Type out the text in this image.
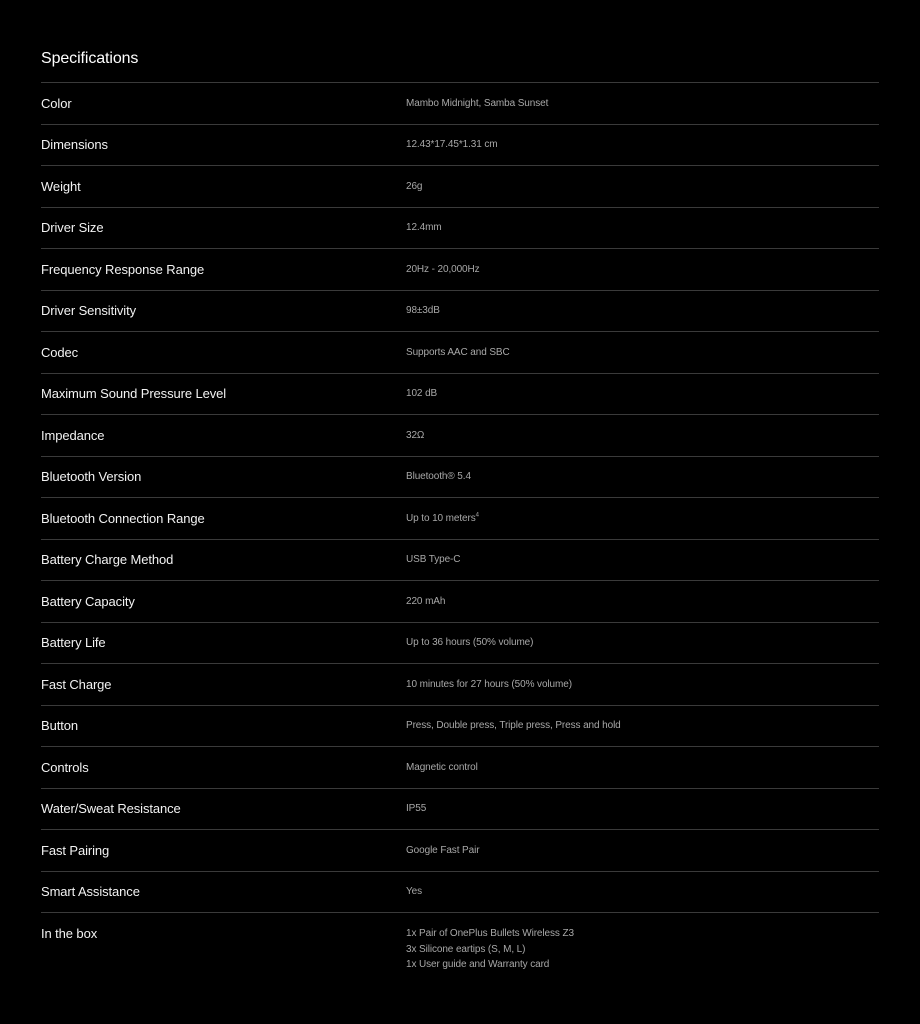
Specifications
Color	Mambo Midnight, Samba Sunset
Dimensions	12.43*17.45*1.31 cm
Weight	26g
Driver Size	12.4mm
Frequency Response Range	20Hz - 20,000Hz
Driver Sensitivity	98±3dB
Codec	Supports AAC and SBC
Maximum Sound Pressure Level	102 dB
Impedance	32Ω
Bluetooth Version	Bluetooth® 5.4
Bluetooth Connection Range	Up to 10 meters$^4$
Battery Charge Method	USB Type-C
Battery Capacity	220 mAh
Battery Life	Up to 36 hours (50% volume)
Fast Charge	10 minutes for 27 hours (50% volume)
Button	Press, Double press, Triple press, Press and hold
Controls	Magnetic control
Water/Sweat Resistance	IP55
Fast Pairing	Google Fast Pair
Smart Assistance	Yes
In the box	1x Pair of OnePlus Bullets Wireless Z3
3x Silicone eartips (S, M, L)
1x User guide and Warranty card
